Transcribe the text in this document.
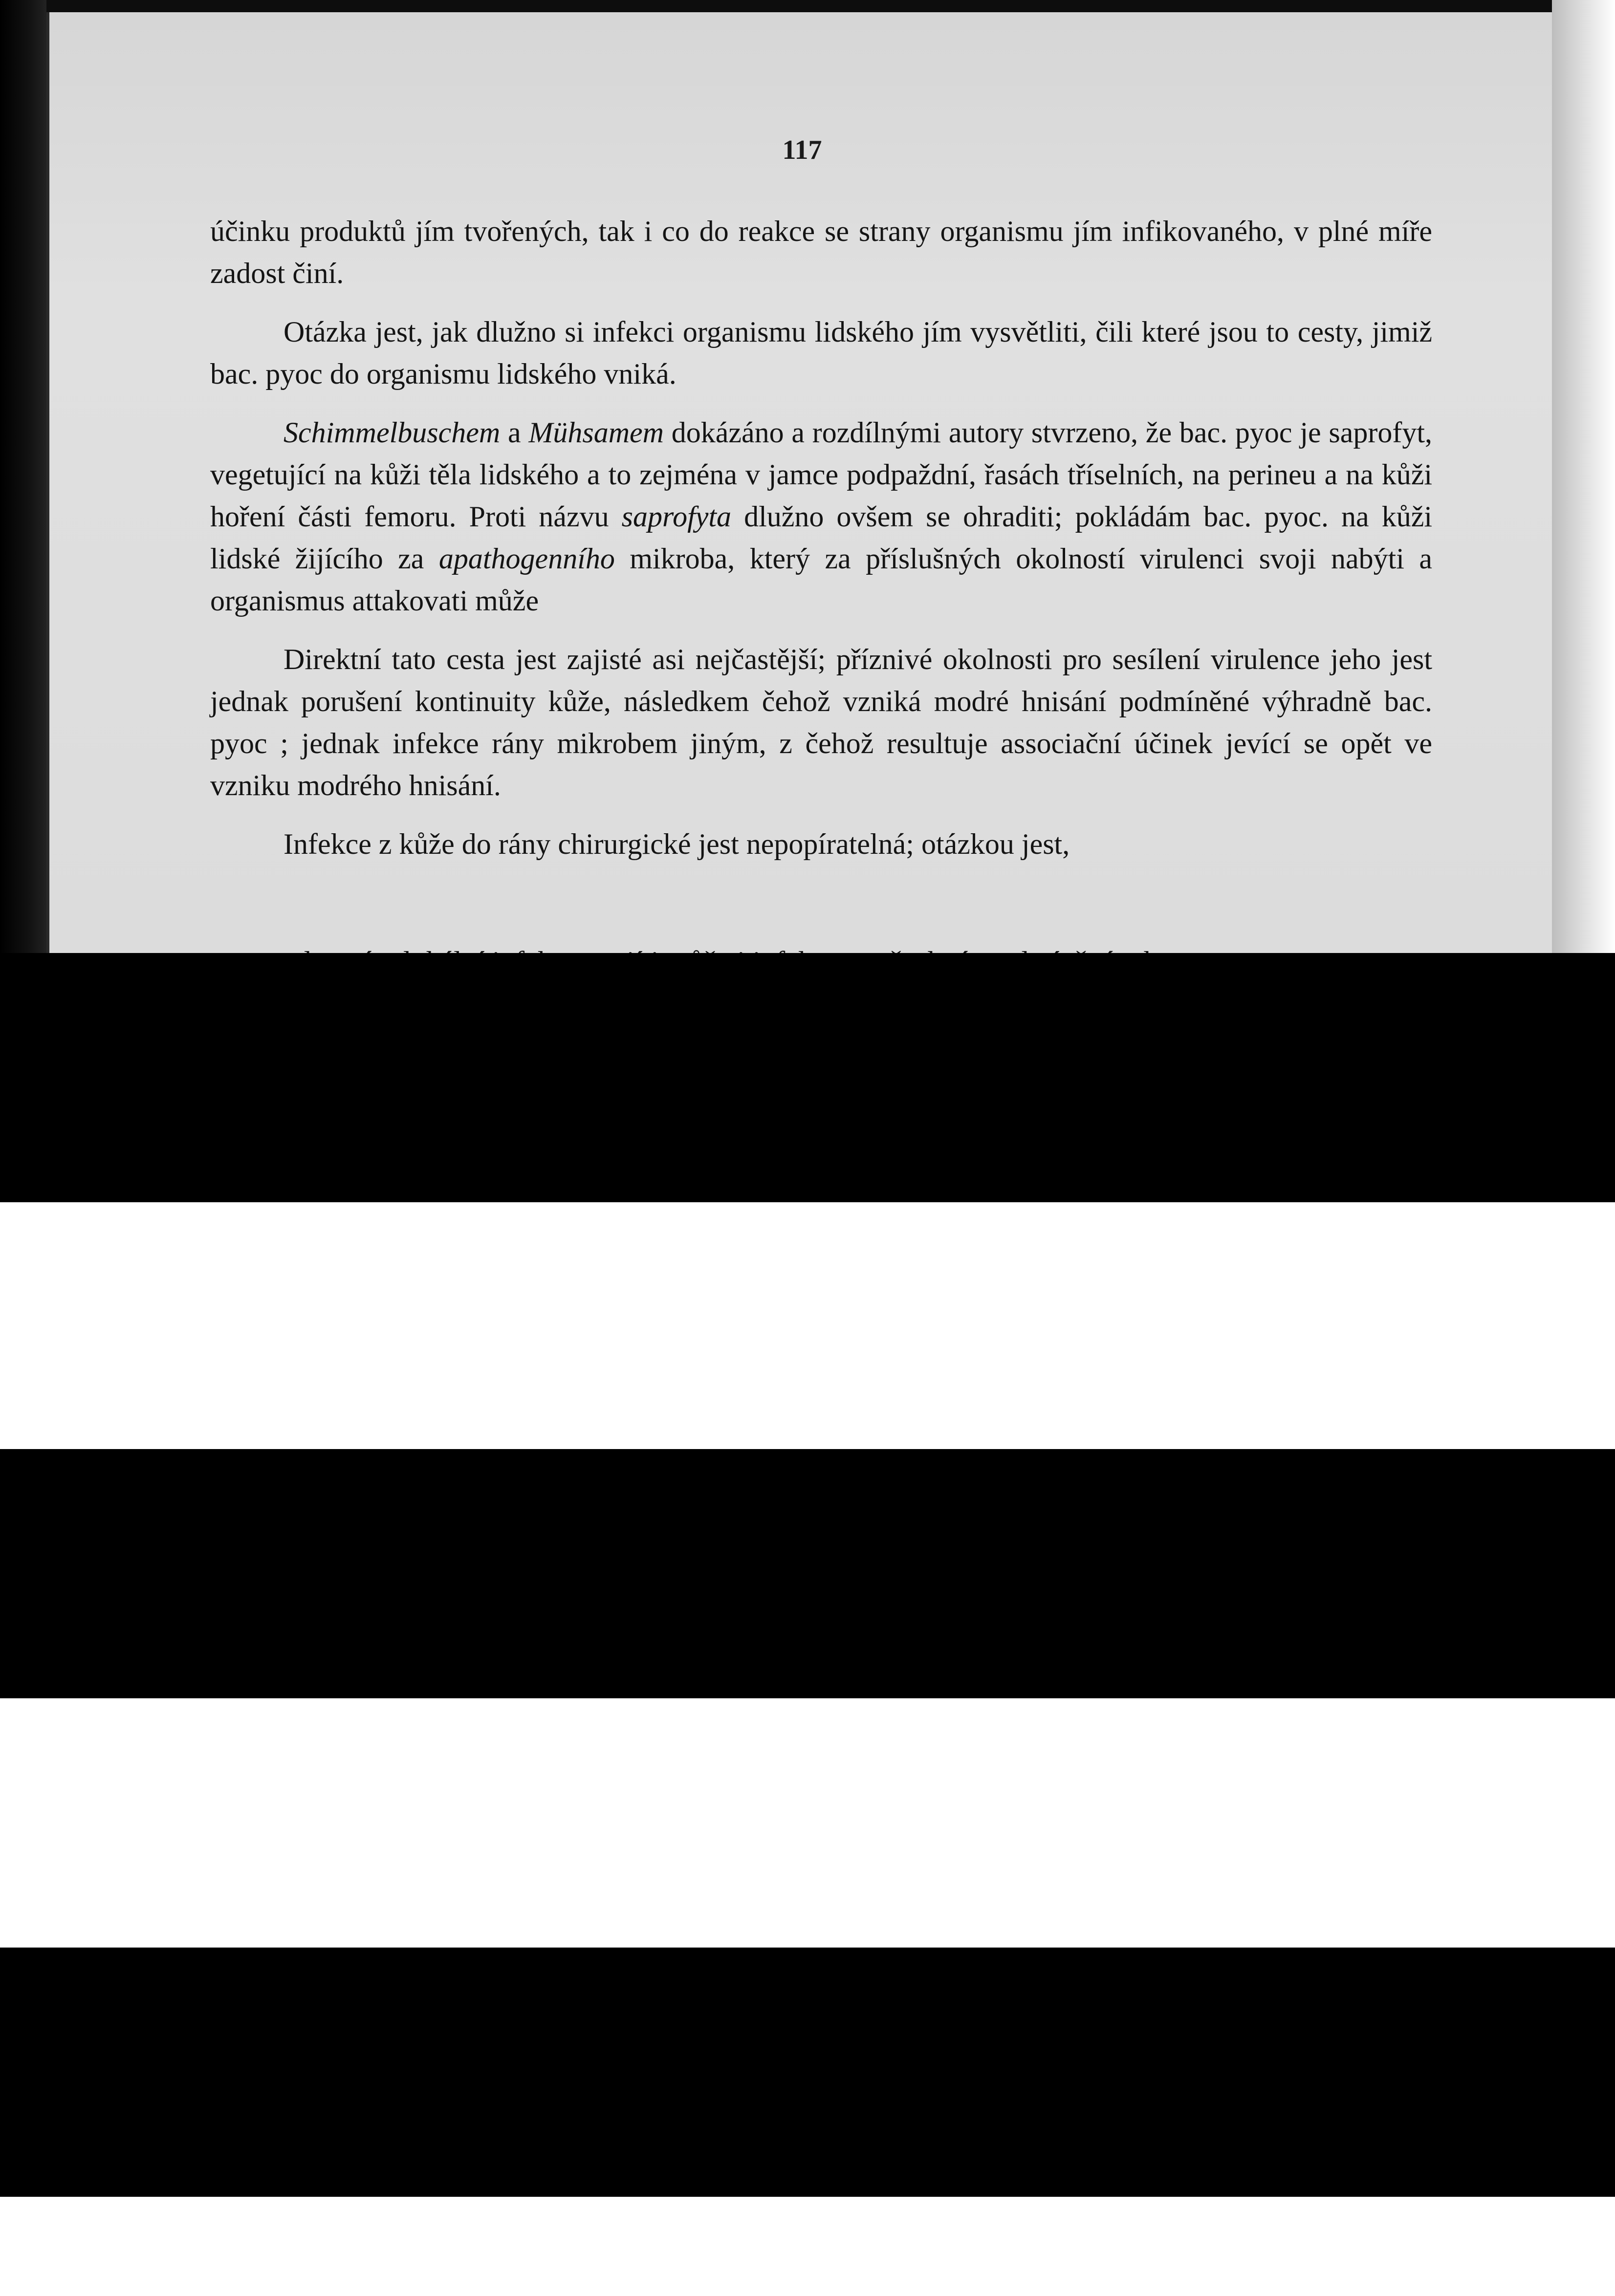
117

účinku produktů jím tvořených, tak i co do reakce se strany organismu jím infikovaného, v plné míře zadost činí.

Otázka jest, jak dlužno si infekci organismu lidského jím vysvětliti, čili které jsou to cesty, jimiž bac. pyoc do organismu lidského vniká.

Schimmelbuschem a Mühsamem dokázáno a rozdílnými autory stvrzeno, že bac. pyoc je saprofyt, vegetující na kůži těla lidského a to zejména v jamce podpaždní, řasách tříselních, na perineu a na kůži hoření části femoru. Proti názvu saprofyta dlužno ovšem se ohraditi; pokládám bac. pyoc. na kůži lidské žijícího za apathogenního mikroba, který za příslušných okolností virulenci svoji nabýti a organismus attakovati může

Direktní tato cesta jest zajisté asi nejčastější; příznivé okolnosti pro sesílení virulence jeho jest jednak porušení kontinuity kůže, následkem čehož vzniká modré hnisání podmíněné výhradně bac. pyoc ; jednak infekce rány mikrobem jiným, z čehož resultuje associační účinek jevící se opět ve vzniku modrého hnisání.

Infekce z kůže do rány chirurgické jest nepopíratelná; otázkou jest,
